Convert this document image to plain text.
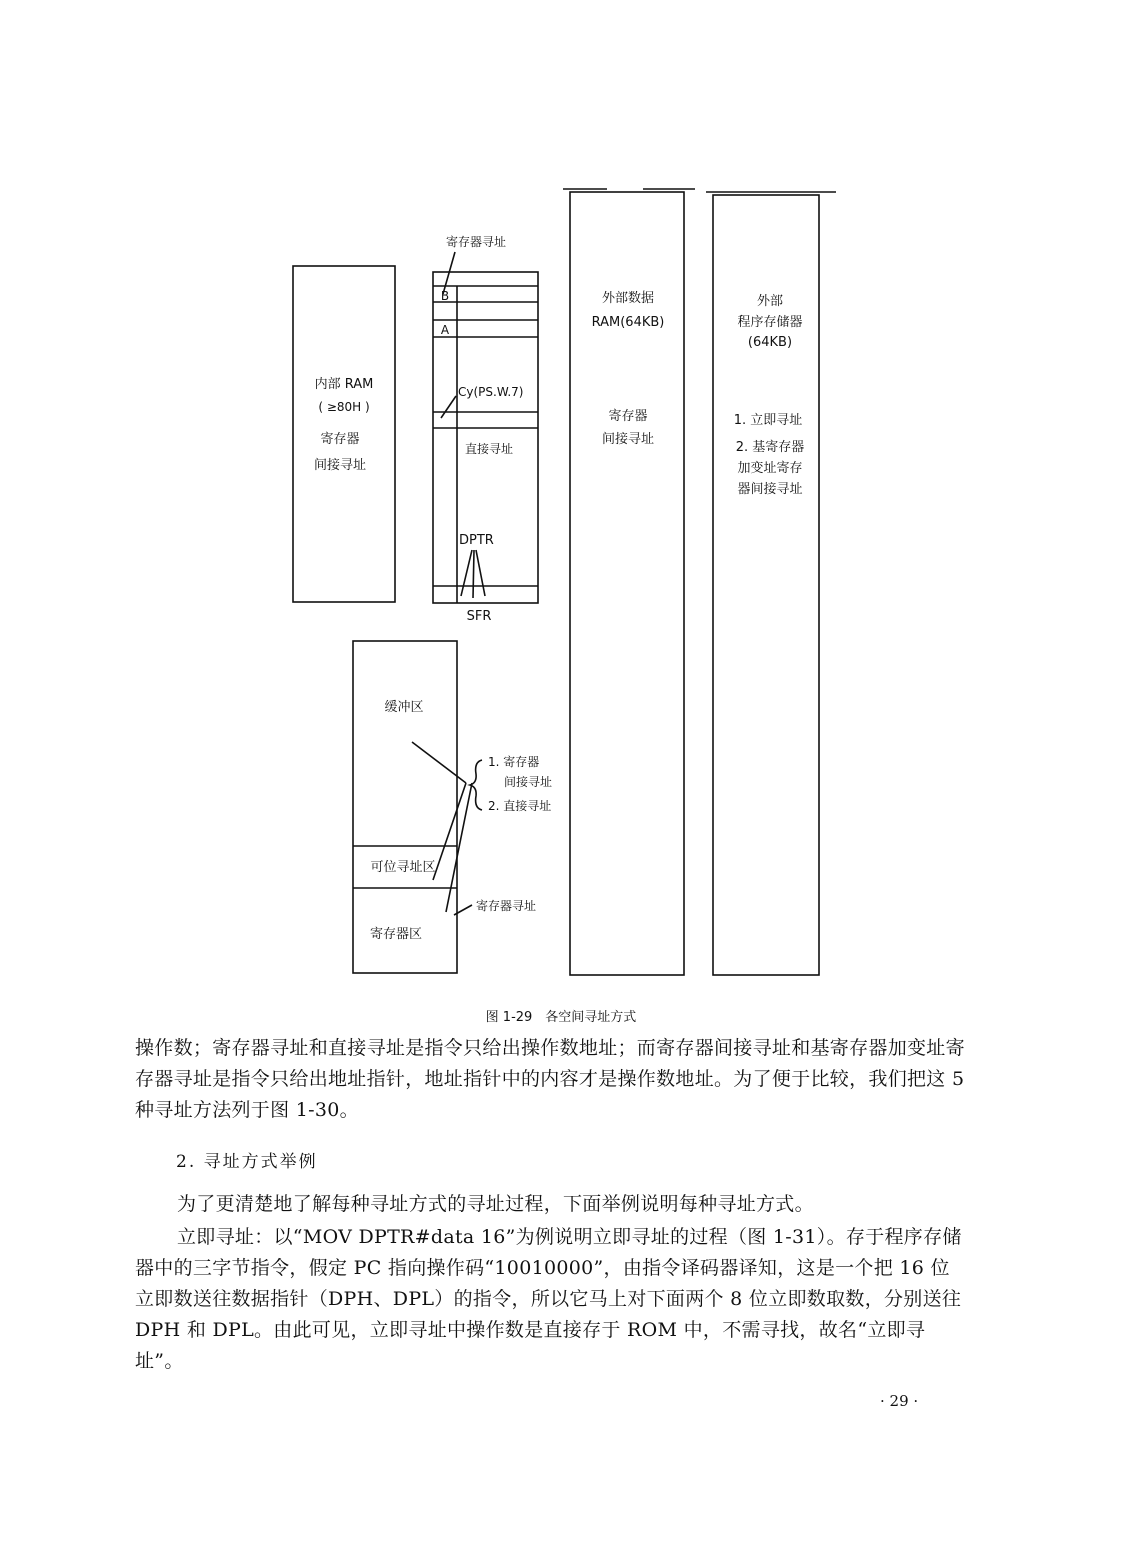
内部 RAM
( ≥80H )
寄存器
间接寻址
B
A
Cy(PS.W.7)
直接寻址
DPTR
SFR
寄存器寻址
外部数据
RAM(64KB)
寄存器
间接寻址
外部
程序存储器
(64KB)
1. 立即寻址
2. 基寄存器
加变址寄存
器间接寻址
缓冲区
可位寻址区
寄存器区
1. 寄存器
间接寻址
2. 直接寻址
寄存器寻址
图 1-29　各空间寻址方式

操作数；寄存器寻址和直接寻址是指令只给出操作数地址；而寄存器间接寻址和基寄存器加变址寄存器寻址是指令只给出地址指针，地址指针中的内容才是操作数地址。为了便于比较，我们把这 5 种寻址方法列于图 1-30。

2. 寻址方式举例

为了更清楚地了解每种寻址方式的寻址过程，下面举例说明每种寻址方式。

立即寻址：以“MOV DPTR#data 16”为例说明立即寻址的过程（图 1-31）。存于程序存储器中的三字节指令，假定 PC 指向操作码“10010000”，由指令译码器译知，这是一个把 16 位立即数送往数据指针（DPH、DPL）的指令，所以它马上对下面两个 8 位立即数取数，分别送往 DPH 和 DPL。由此可见，立即寻址中操作数是直接存于 ROM 中，不需寻找，故名“立即寻址”。

· 29 ·
